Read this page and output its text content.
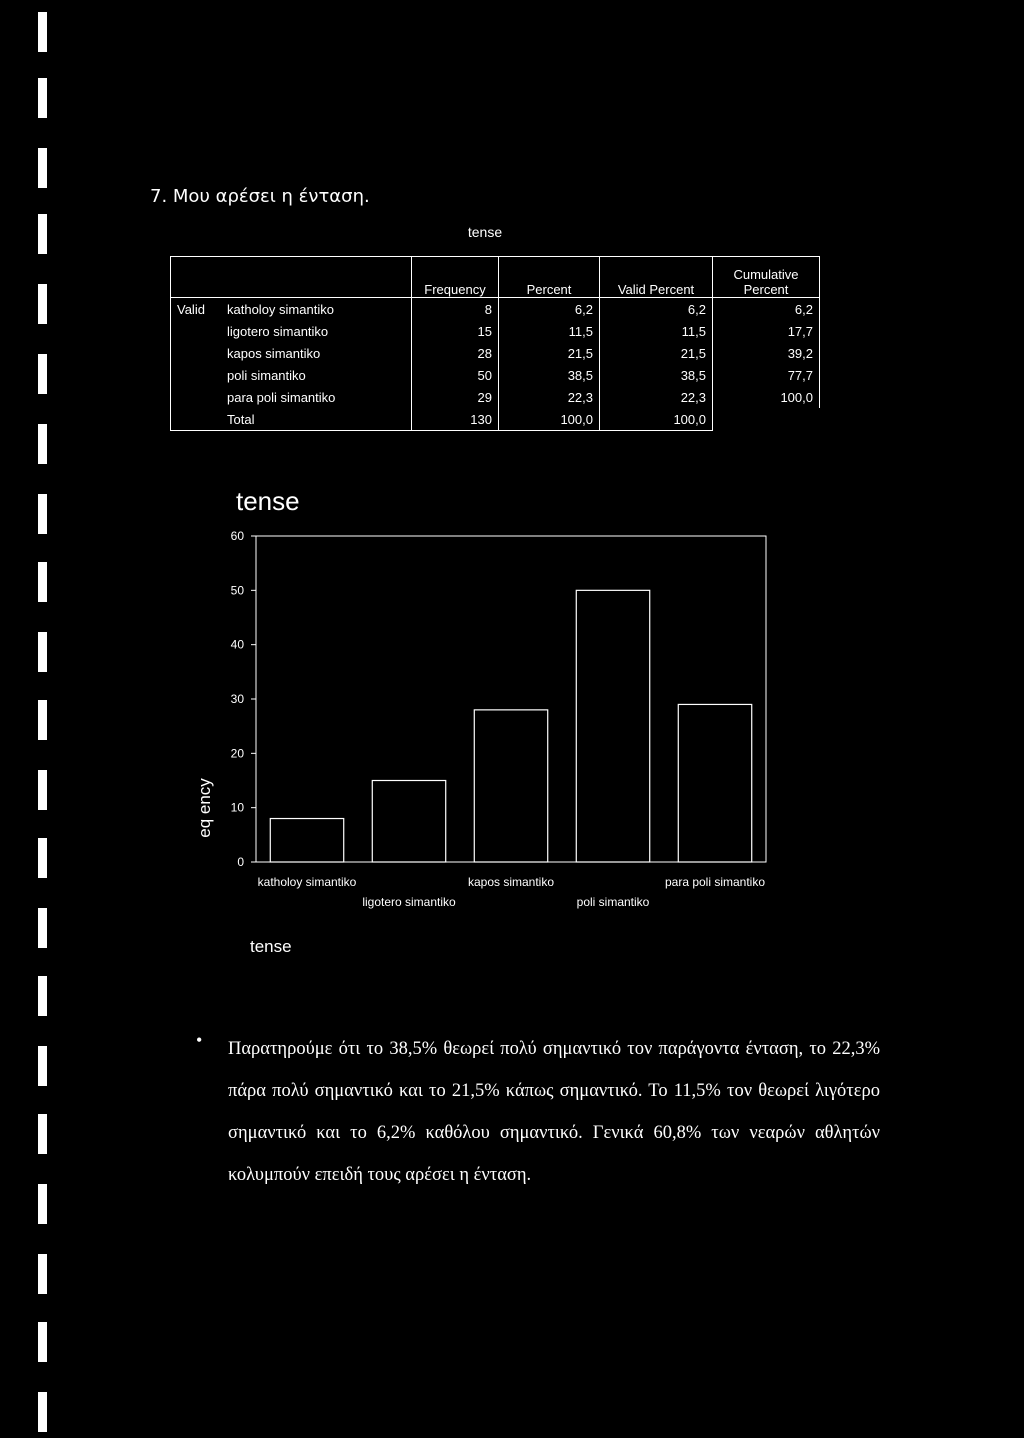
7. Μου αρέσει η ένταση.
tense
		Frequency	Percent	Valid Percent	Cumulative
Percent
Valid	katholoy simantiko	8	6,2	6,2	6,2
	ligotero simantiko	15	11,5	11,5	17,7
	kapos simantiko	28	21,5	21,5	39,2
	poli simantiko	50	38,5	38,5	77,7
	para poli simantiko	29	22,3	22,3	100,0
	Total	130	100,0	100,0	
tense
0
10
20
30
40
50
60
eq ency
katholoy simantiko
ligotero simantiko
kapos simantiko
poli simantiko
para poli simantiko
tense
• Παρατηρούμε ότι το 38,5% θεωρεί πολύ σημαντικό τον παράγοντα ένταση, το 22,3% πάρα πολύ σημαντικό και το 21,5% κάπως σημαντικό. Το 11,5% τον θεωρεί λιγότερο σημαντικό και το 6,2% καθόλου σημαντικό. Γενικά 60,8% των νεαρών αθλητών κολυμπούν επειδή τους αρέσει η ένταση.
